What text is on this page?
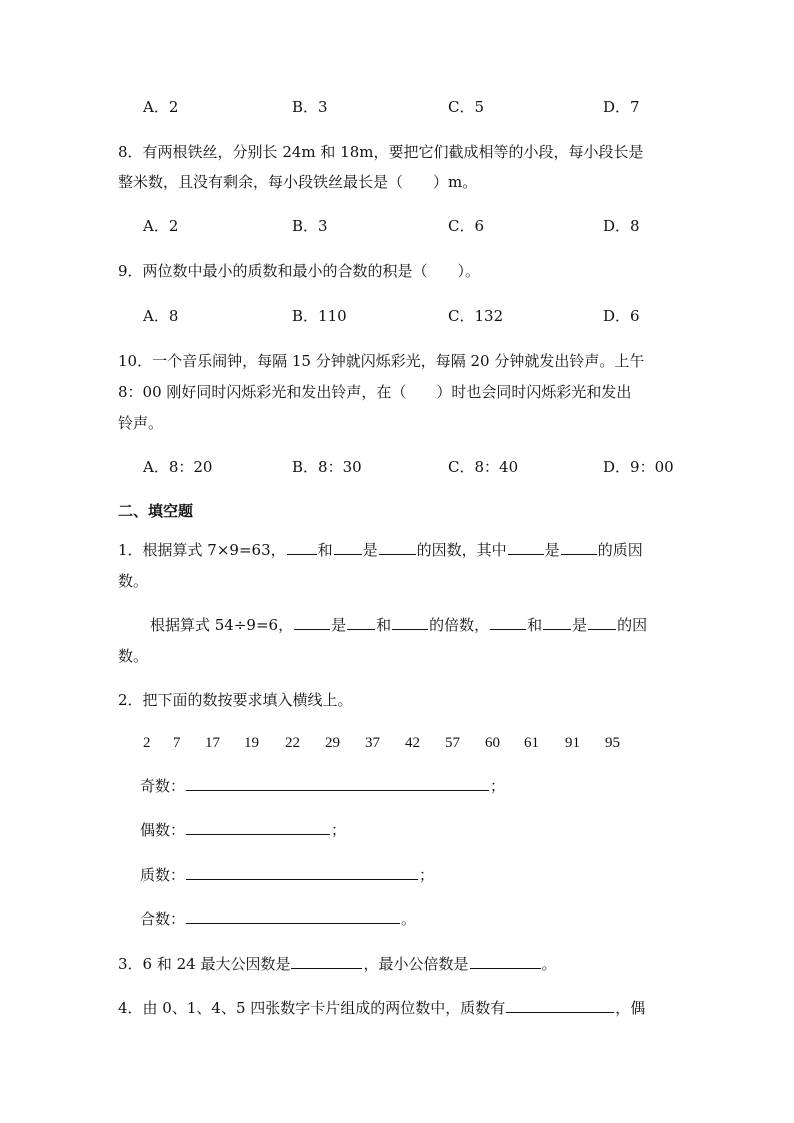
A．2	B．3	C．5	D．7
8．有两根铁丝，分别长 24m 和 18m，要把它们截成相等的小段，每小段长是
整米数，且没有剩余，每小段铁丝最长是（　　）m。
A．2	B．3	C．6	D．8
9．两位数中最小的质数和最小的合数的积是（　　）。
A．8	B．110	C．132	D．6
10．一个音乐闹钟，每隔 15 分钟就闪烁彩光，每隔 20 分钟就发出铃声。上午
8：00 刚好同时闪烁彩光和发出铃声，在（　　）时也会同时闪烁彩光和发出
铃声。
A．8：20	B．8：30	C．8：40	D．9：00
二、填空题
1．根据算式 7×9=63， 和 是	的因数，其中	是	的质因
数。
根据算式 54÷9=6，	是 和	的倍数，	和 是 的因
数。
2．把下面的数按要求填入横线上。
2 7 17 19 22 29 37 42 57 60 61 91 95
奇数：	；
偶数：	；
质数：	；
合数：	。
3．6 和 24 最大公因数是	，最小公倍数是	。
4．由 0、1、4、5 四张数字卡片组成的两位数中，质数有	，偶
